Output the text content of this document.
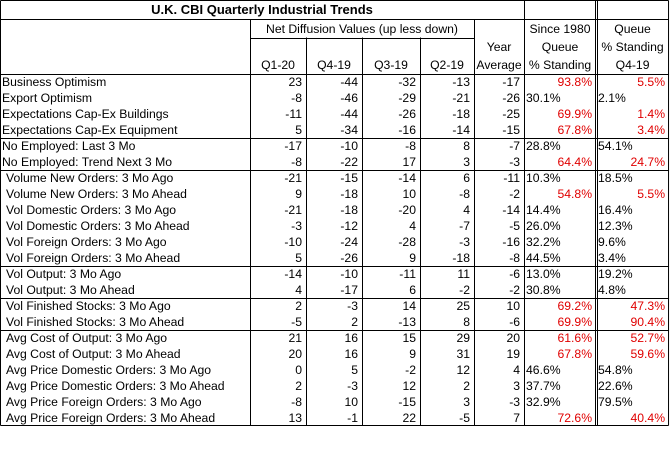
U.K. CBI Quarterly Industrial Trends							
	Net Diffusion Values (up less down)					Since 1980	Queue
					Year	Queue	% Standing
	Q1-20	Q4-19	Q3-19	Q2-19	Average	% Standing	Q4-19
Business Optimism	23	-44	-32	-13	-17	93.8%	5.5%
Export Optimism	-8	-46	-29	-21	-26	30.1%	2.1%
Expectations Cap-Ex Buildings	-11	-44	-26	-18	-25	69.9%	1.4%
Expectations Cap-Ex Equipment	5	-34	-16	-14	-15	67.8%	3.4%
No Employed: Last 3 Mo	-17	-10	-8	8	-7	28.8%	54.1%
No Employed: Trend Next 3 Mo	-8	-22	17	3	-3	64.4%	24.7%
Volume New Orders: 3 Mo Ago	-21	-15	-14	6	-11	10.3%	18.5%
Volume New Orders: 3 Mo Ahead	9	-18	10	-8	-2	54.8%	5.5%
Vol Domestic Orders: 3 Mo Ago	-21	-18	-20	4	-14	14.4%	16.4%
Vol Domestic Orders: 3 Mo Ahead	-3	-12	4	-7	-5	26.0%	12.3%
Vol Foreign Orders: 3 Mo Ago	-10	-24	-28	-3	-16	32.2%	9.6%
Vol Foreign Orders: 3 Mo Ahead	5	-26	9	-18	-8	44.5%	3.4%
Vol Output: 3 Mo Ago	-14	-10	-11	11	-6	13.0%	19.2%
Vol Output: 3 Mo Ahead	4	-17	6	-2	-2	30.8%	4.8%
Vol Finished Stocks: 3 Mo Ago	2	-3	14	25	10	69.2%	47.3%
Vol Finished Stocks: 3 Mo Ahead	-5	2	-13	8	-6	69.9%	90.4%
Avg Cost of Output: 3 Mo Ago	21	16	15	29	20	61.6%	52.7%
Avg Cost of Output: 3 Mo Ahead	20	16	9	31	19	67.8%	59.6%
Avg Price Domestic Orders: 3 Mo Ago	0	5	-2	12	4	46.6%	54.8%
Avg Price Domestic Orders: 3 Mo Ahead	2	-3	12	2	3	37.7%	22.6%
Avg Price Foreign Orders: 3 Mo Ago	-8	10	-15	3	-3	32.9%	79.5%
Avg Price Foreign Orders: 3 Mo Ahead	13	-1	22	-5	7	72.6%	40.4%
